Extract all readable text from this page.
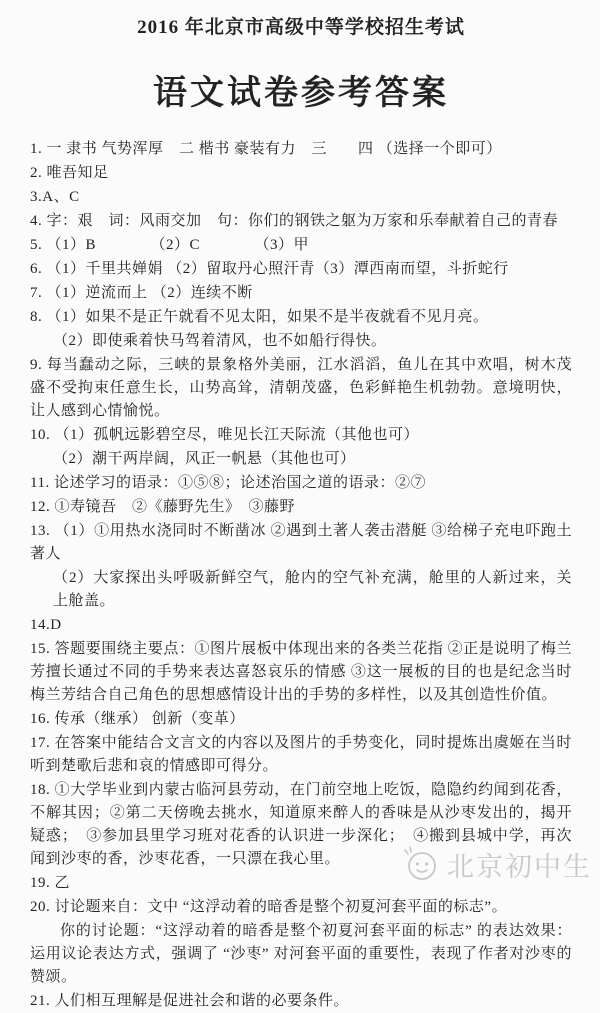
2016 年北京市高级中等学校招生考试
语文试卷参考答案

1. 一 隶书 气势浑厚　二 楷书 豪装有力　三　　四 （选择一个即可）

2. 唯吾知足

3.A、C

4. 字：艰　词：风雨交加　句：你们的钢铁之躯为万家和乐奉献着自己的青春

5. （1）B　　　　（2）C　　　　（3）甲

6. （1）千里共婵娟 （2）留取丹心照汗青（3）潭西南而望，斗折蛇行

7. （1）逆流而上 （2）连续不断

8. （1）如果不是正午就看不见太阳，如果不是半夜就看不见月亮。

（2）即使乘着快马驾着清风，也不如船行得快。

9. 每当蠢动之际，三峡的景象格外美丽，江水滔滔，鱼儿在其中欢唱，树木茂盛不受拘束任意生长，山势高耸，清朝茂盛，色彩鲜艳生机勃勃。意境明快，让人感到心情愉悦。

10. （1）孤帆远影碧空尽，唯见长江天际流（其他也可）

（2）潮干两岸阔，风正一帆悬（其他也可）

11. 论述学习的语录：①⑤⑧；论述治国之道的语录：②⑦

12. ①寿镜吾　②《藤野先生》　③藤野

13. （1）①用热水浇同时不断凿冰 ②遇到土著人袭击潜艇 ③给梯子充电吓跑土著人

（2）大家探出头呼吸新鲜空气，舱内的空气补充满，舱里的人新过来，关上舱盖。

14.D

15. 答题要围绕主要点：①图片展板中体现出来的各类兰花指 ②正是说明了梅兰芳擅长通过不同的手势来表达喜怒哀乐的情感 ③这一展板的目的也是纪念当时梅兰芳结合自己角色的思想感情设计出的手势的多样性，以及其创造性价值。

16. 传承（继承） 创新（变革）

17. 在答案中能结合文言文的内容以及图片的手势变化，同时提炼出虞姬在当时听到楚歌后悲和哀的情感即可得分。

18. ①大学毕业到内蒙古临河县劳动，在门前空地上吃饭，隐隐约约闻到花香，不解其因；②第二天傍晚去挑水，知道原来醉人的香味是从沙枣发出的，揭开疑惑；　③参加县里学习班对花香的认识进一步深化；　④搬到县城中学，再次闻到沙枣的香，沙枣花香，一只漂在我心里。

19. 乙

20. 讨论题来自：文中 “这浮动着的暗香是整个初夏河套平面的标志”。

你的讨论题：“这浮动着的暗香是整个初夏河套平面的标志” 的表达效果：运用议论表达方式，强调了 “沙枣” 对河套平面的重要性，表现了作者对沙枣的赞颂。

21. 人们相互理解是促进社会和谐的必要条件。

北京初中生
